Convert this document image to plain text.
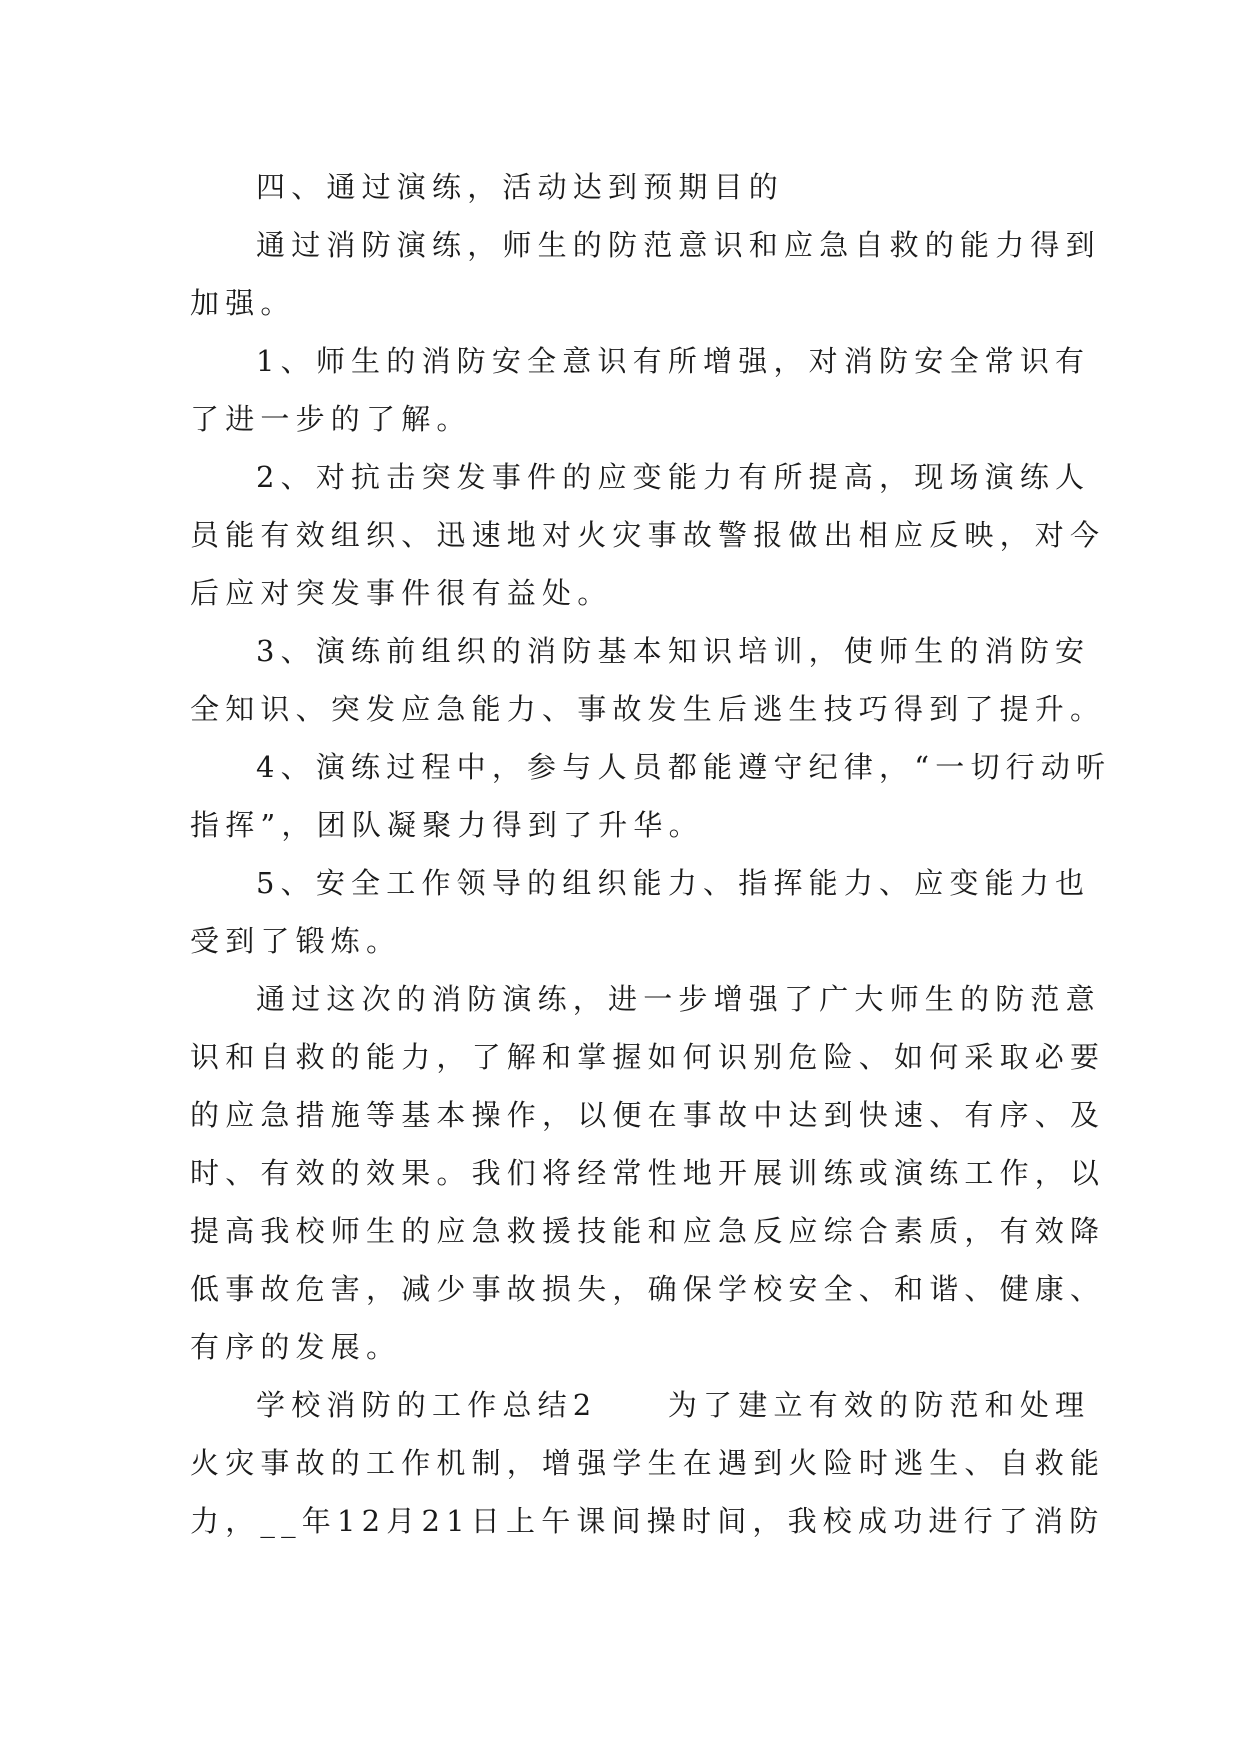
四、通过演练，活动达到预期目的
通过消防演练，师生的防范意识和应急自救的能力得到
加强。
1、师生的消防安全意识有所增强，对消防安全常识有
了进一步的了解。
2、对抗击突发事件的应变能力有所提高，现场演练人
员能有效组织、迅速地对火灾事故警报做出相应反映，对今
后应对突发事件很有益处。
3、演练前组织的消防基本知识培训，使师生的消防安
全知识、突发应急能力、事故发生后逃生技巧得到了提升。
4、演练过程中，参与人员都能遵守纪律，“一切行动听
指挥”，团队凝聚力得到了升华。
5、安全工作领导的组织能力、指挥能力、应变能力也
受到了锻炼。
通过这次的消防演练，进一步增强了广大师生的防范意
识和自救的能力，了解和掌握如何识别危险、如何采取必要
的应急措施等基本操作，以便在事故中达到快速、有序、及
时、有效的效果。我们将经常性地开展训练或演练工作，以
提高我校师生的应急救援技能和应急反应综合素质，有效降
低事故危害，减少事故损失，确保学校安全、和谐、健康、
有序的发展。
学校消防的工作总结2　　为了建立有效的防范和处理
火灾事故的工作机制，增强学生在遇到火险时逃生、自救能
力，__年12月21日上午课间操时间，我校成功进行了消防
